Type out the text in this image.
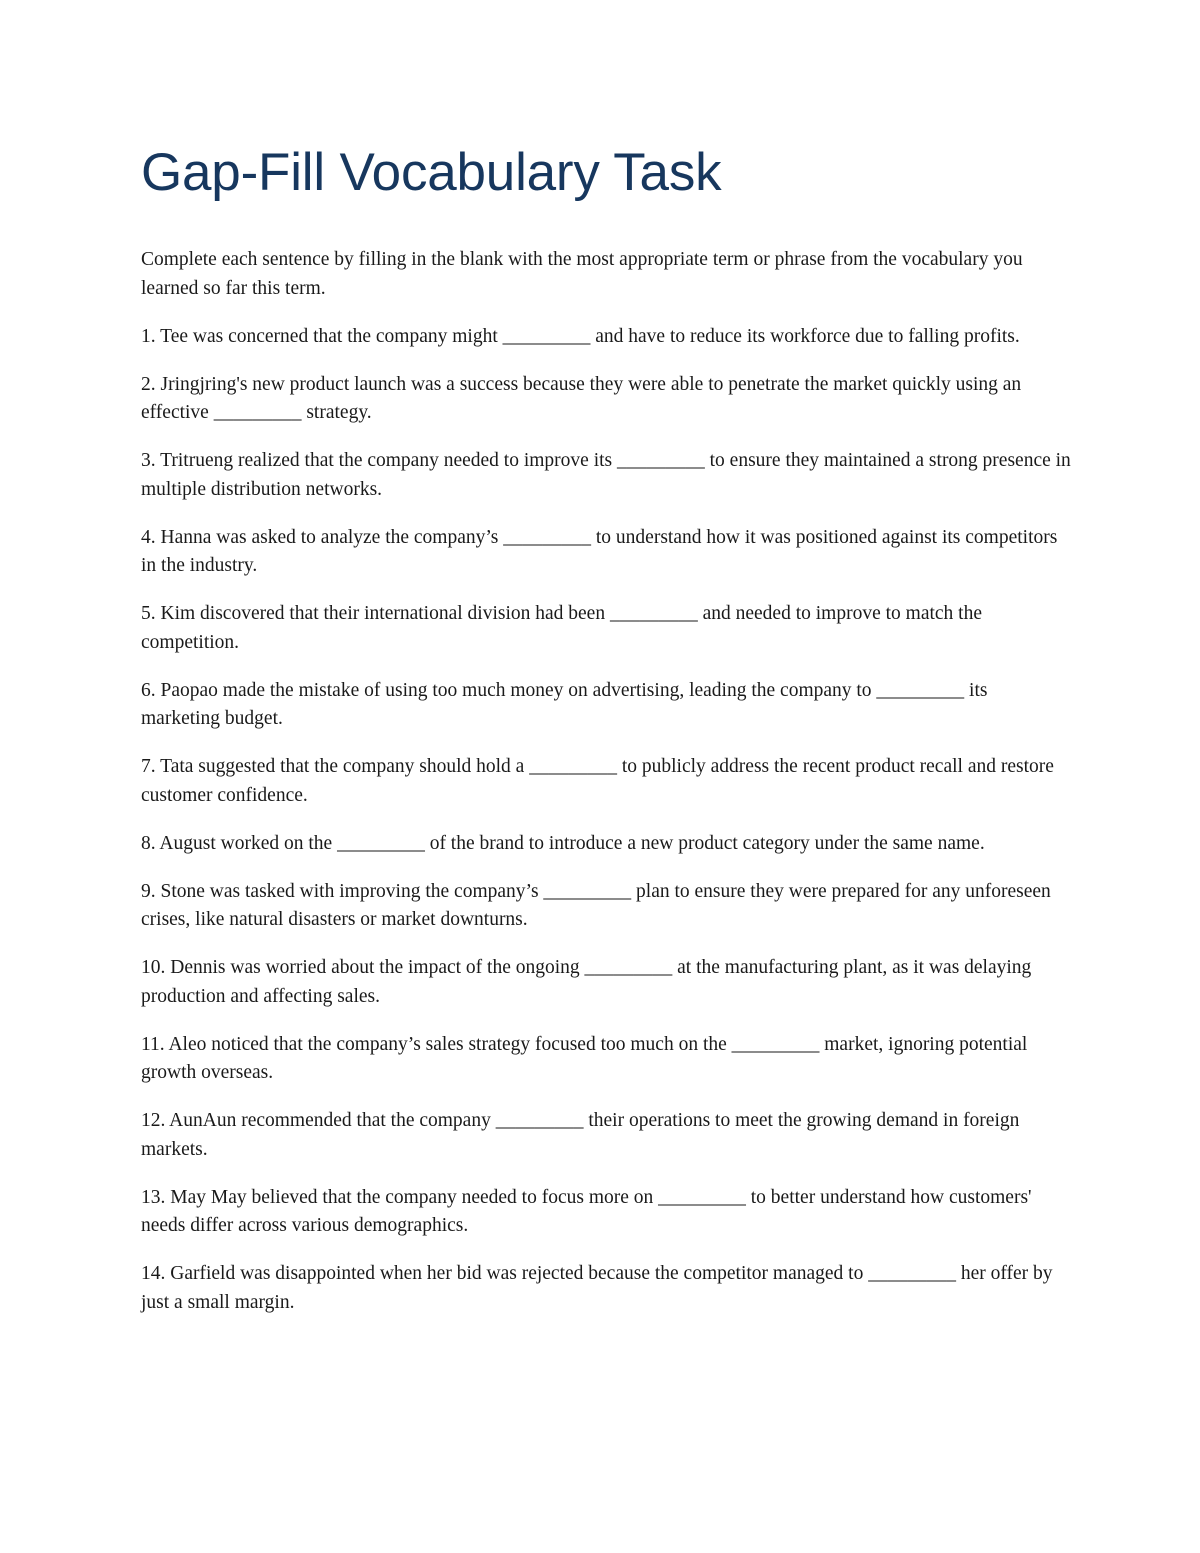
Gap-Fill Vocabulary Task

Complete each sentence by filling in the blank with the most appropriate term or phrase from the vocabulary you learned so far this term.

1. Tee was concerned that the company might _________ and have to reduce its workforce due to falling profits.

2. Jringjring's new product launch was a success because they were able to penetrate the market quickly using an effective _________ strategy.

3. Tritrueng realized that the company needed to improve its _________ to ensure they maintained a strong presence in multiple distribution networks.

4. Hanna was asked to analyze the company’s _________ to understand how it was positioned against its competitors in the industry.

5. Kim discovered that their international division had been _________ and needed to improve to match the competition.

6. Paopao made the mistake of using too much money on advertising, leading the company to _________ its marketing budget.

7. Tata suggested that the company should hold a _________ to publicly address the recent product recall and restore customer confidence.

8. August worked on the _________ of the brand to introduce a new product category under the same name.

9. Stone was tasked with improving the company’s _________ plan to ensure they were prepared for any unforeseen crises, like natural disasters or market downturns.

10. Dennis was worried about the impact of the ongoing _________ at the manufacturing plant, as it was delaying production and affecting sales.

11. Aleo noticed that the company’s sales strategy focused too much on the _________ market, ignoring potential growth overseas.

12. AunAun recommended that the company _________ their operations to meet the growing demand in foreign markets.

13. May May believed that the company needed to focus more on _________ to better understand how customers' needs differ across various demographics.

14. Garfield was disappointed when her bid was rejected because the competitor managed to _________ her offer by just a small margin.
